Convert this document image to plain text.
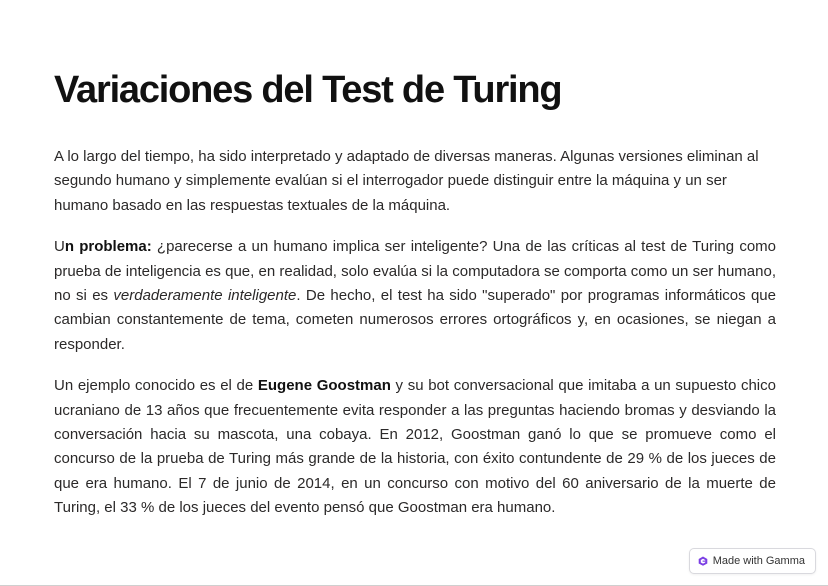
Variaciones del Test de Turing

A lo largo del tiempo, ha sido interpretado y adaptado de diversas maneras. Algunas versiones eliminan al segundo humano y simplemente evalúan si el interrogador puede distinguir entre la máquina y un ser humano basado en las respuestas textuales de la máquina.

Un problema: ¿parecerse a un humano implica ser inteligente? Una de las críticas al test de Turing como prueba de inteligencia es que, en realidad, solo evalúa si la computadora se comporta como un ser humano, no si es verdaderamente inteligente. De hecho, el test ha sido "superado" por programas informáticos que cambian constantemente de tema, cometen numerosos errores ortográficos y, en ocasiones, se niegan a responder.

Un ejemplo conocido es el de Eugene Goostman y su bot conversacional que imitaba a un supuesto chico ucraniano de 13 años que frecuentemente evita responder a las preguntas haciendo bromas y desviando la conversación hacia su mascota, una cobaya. En 2012, Goostman ganó lo que se promueve como el concurso de la prueba de Turing más grande de la historia, con éxito contundente de 29 % de los jueces de que era humano. El 7 de junio de 2014, en un concurso con motivo del 60 aniversario de la muerte de Turing, el 33 % de los jueces del evento pensó que Goostman era humano.

Made with Gamma
